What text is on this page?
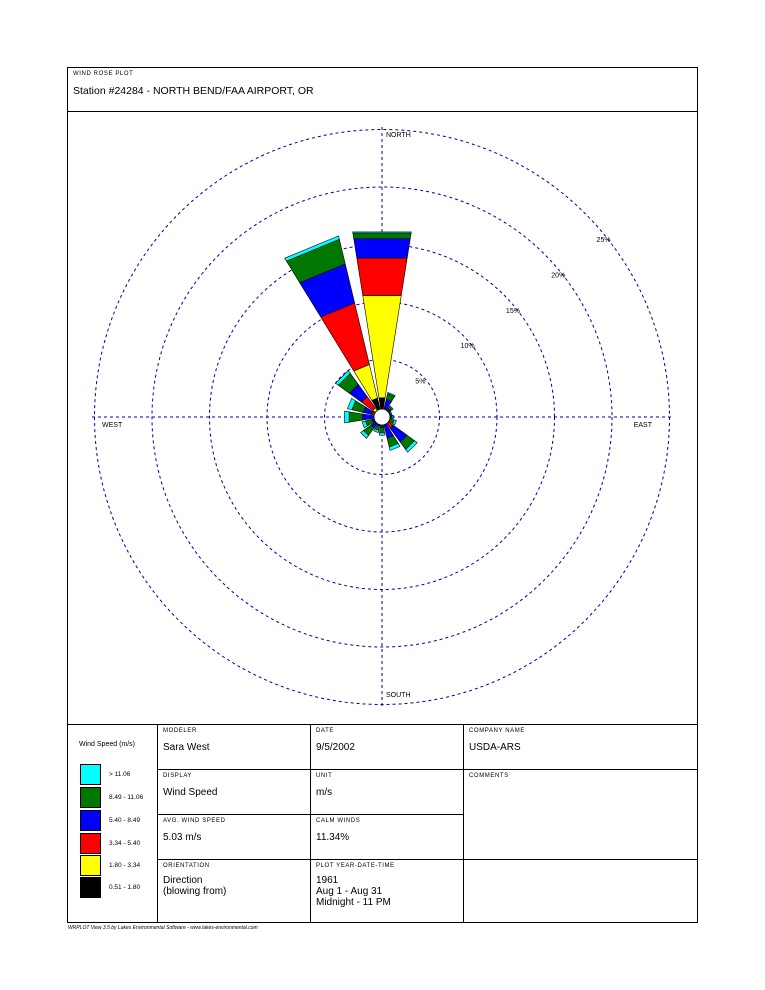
WIND ROSE PLOT
Station #24284 - NORTH BEND/FAA AIRPORT, OR
5%
10%
15%
20%
25%
NORTH
SOUTH
EAST
WEST
Wind Speed (m/s)
> 11.06
8.49 - 11.06
5.40 - 8.49
3.34 - 5.40
1.80 - 3.34
0.51 - 1.80
MODELER
Sara West
DATE
9/5/2002
COMPANY NAME
USDA-ARS
DISPLAY
Wind Speed
UNIT
m/s
COMMENTS
AVG. WIND SPEED
5.03 m/s
CALM WINDS
11.34%
ORIENTATION
Direction
(blowing from)
PLOT YEAR-DATE-TIME
1961
Aug 1 - Aug 31
Midnight - 11 PM
WRPLOT View 3.5 by Lakes Environmental Software - www.lakes-environmental.com
